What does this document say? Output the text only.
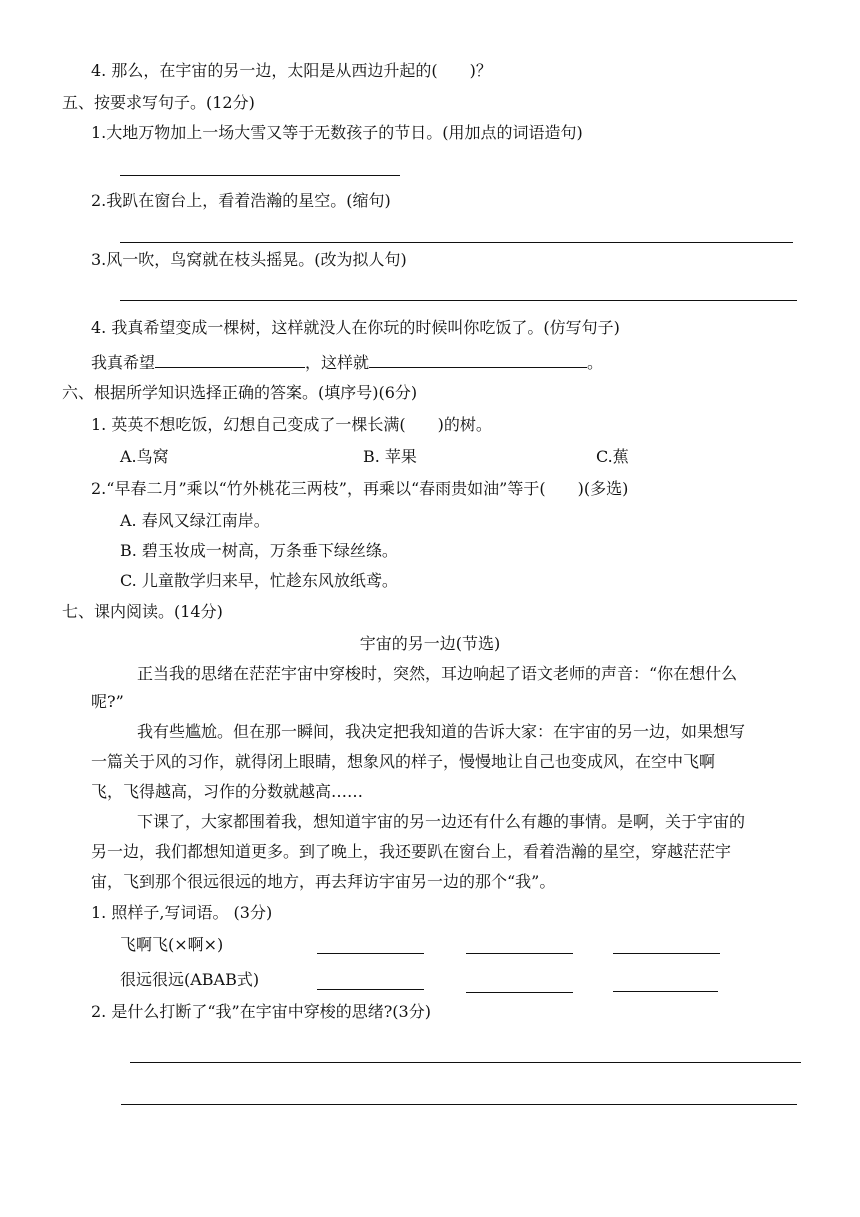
4. 那么，在宇宙的另一边，太阳是从西边升起的(　　)？
五、按要求写句子。(12分)
1.大地万物加上一场大雪又等于无数孩子的节日。(用加点的词语造句)
2.我趴在窗台上，看着浩瀚的星空。(缩句)
3.风一吹，鸟窝就在枝头摇晃。(改为拟人句)
4. 我真希望变成一棵树，这样就没人在你玩的时候叫你吃饭了。(仿写句子)
我真希望	，这样就	。
六、根据所学知识选择正确的答案。(填序号)(6分)
1. 英英不想吃饭，幻想自己变成了一棵长满(　　)的树。
A.鸟窝	B. 苹果	C.蕉
2.“早春二月”乘以“竹外桃花三两枝”，再乘以“春雨贵如油”等于(　　)(多选)
A. 春风又绿江南岸。
B. 碧玉妆成一树高，万条垂下绿丝绦。
C. 儿童散学归来早，忙趁东风放纸鸢。
七、课内阅读。(14分)
宇宙的另一边(节选)
正当我的思绪在茫茫宇宙中穿梭时，突然，耳边响起了语文老师的声音：“你在想什么
呢?”
我有些尴尬。但在那一瞬间，我决定把我知道的告诉大家：在宇宙的另一边，如果想写
一篇关于风的习作，就得闭上眼睛，想象风的样子，慢慢地让自己也变成风，在空中飞啊
飞，飞得越高，习作的分数就越高……
下课了，大家都围着我，想知道宇宙的另一边还有什么有趣的事情。是啊，关于宇宙的
另一边，我们都想知道更多。到了晚上，我还要趴在窗台上，看着浩瀚的星空，穿越茫茫宇
宙，飞到那个很远很远的地方，再去拜访宇宙另一边的那个“我”。
1. 照样子,写词语。 (3分)
飞啊飞(×啊×)
很远很远(ABAB式)
2. 是什么打断了“我”在宇宙中穿梭的思绪?(3分)
